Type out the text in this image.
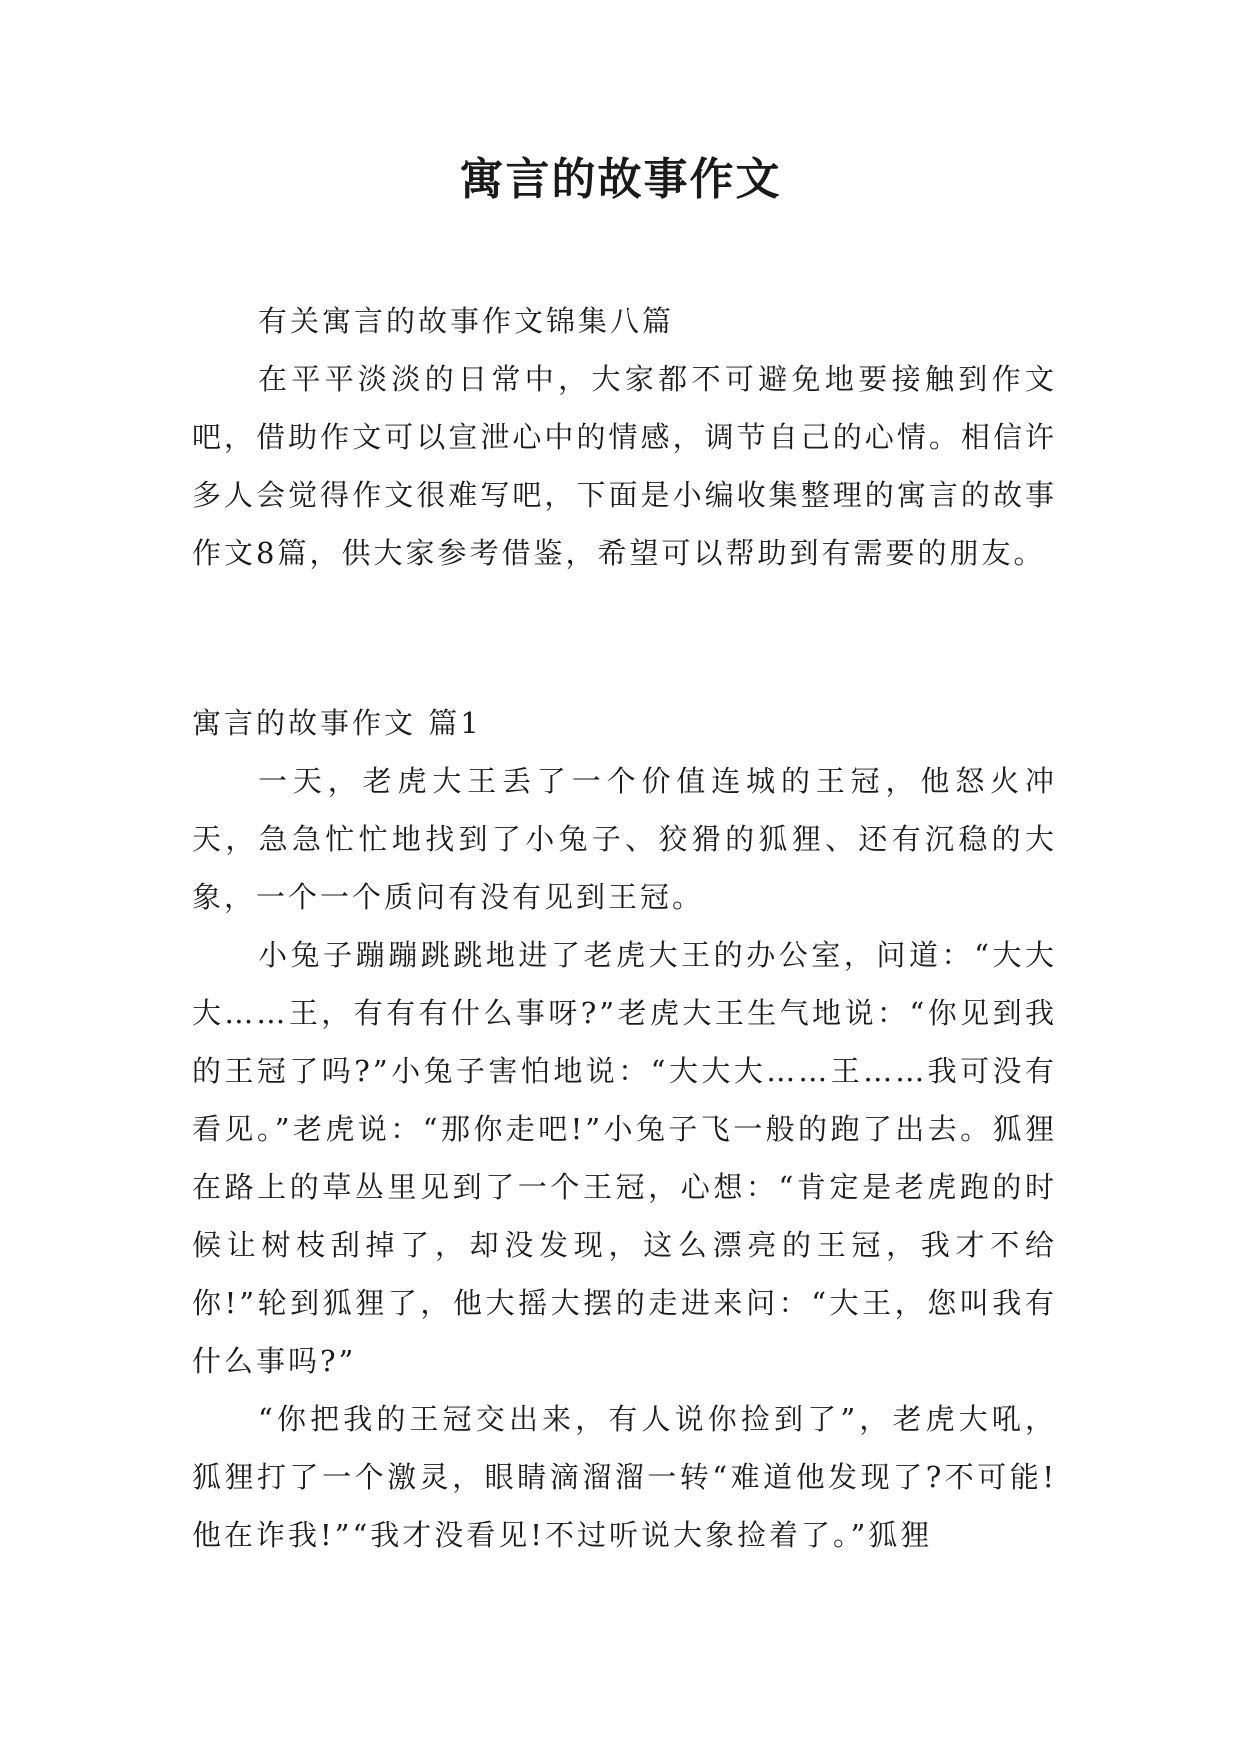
寓言的故事作文

有关寓言的故事作文锦集八篇

在平平淡淡的日常中，大家都不可避免地要接触到作文吧，借助作文可以宣泄心中的情感，调节自己的心情。相信许多人会觉得作文很难写吧，下面是小编收集整理的寓言的故事作文8篇，供大家参考借鉴，希望可以帮助到有需要的朋友。

寓言的故事作文 篇1

一天，老虎大王丢了一个价值连城的王冠，他怒火冲天，急急忙忙地找到了小兔子、狡猾的狐狸、还有沉稳的大象，一个一个质问有没有见到王冠。

小兔子蹦蹦跳跳地进了老虎大王的办公室，问道：“大大大……王，有有有什么事呀?”老虎大王生气地说：“你见到我的王冠了吗?”小兔子害怕地说：“大大大……王……我可没有看见。”老虎说：“那你走吧!”小兔子飞一般的跑了出去。狐狸在路上的草丛里见到了一个王冠，心想：“肯定是老虎跑的时候让树枝刮掉了，却没发现，这么漂亮的王冠，我才不给你!”轮到狐狸了，他大摇大摆的走进来问：“大王，您叫我有什么事吗?”

“你把我的王冠交出来，有人说你捡到了”，老虎大吼，狐狸打了一个激灵，眼睛滴溜溜一转“难道他发现了?不可能!他在诈我!”“我才没看见!不过听说大象捡着了。”狐狸
